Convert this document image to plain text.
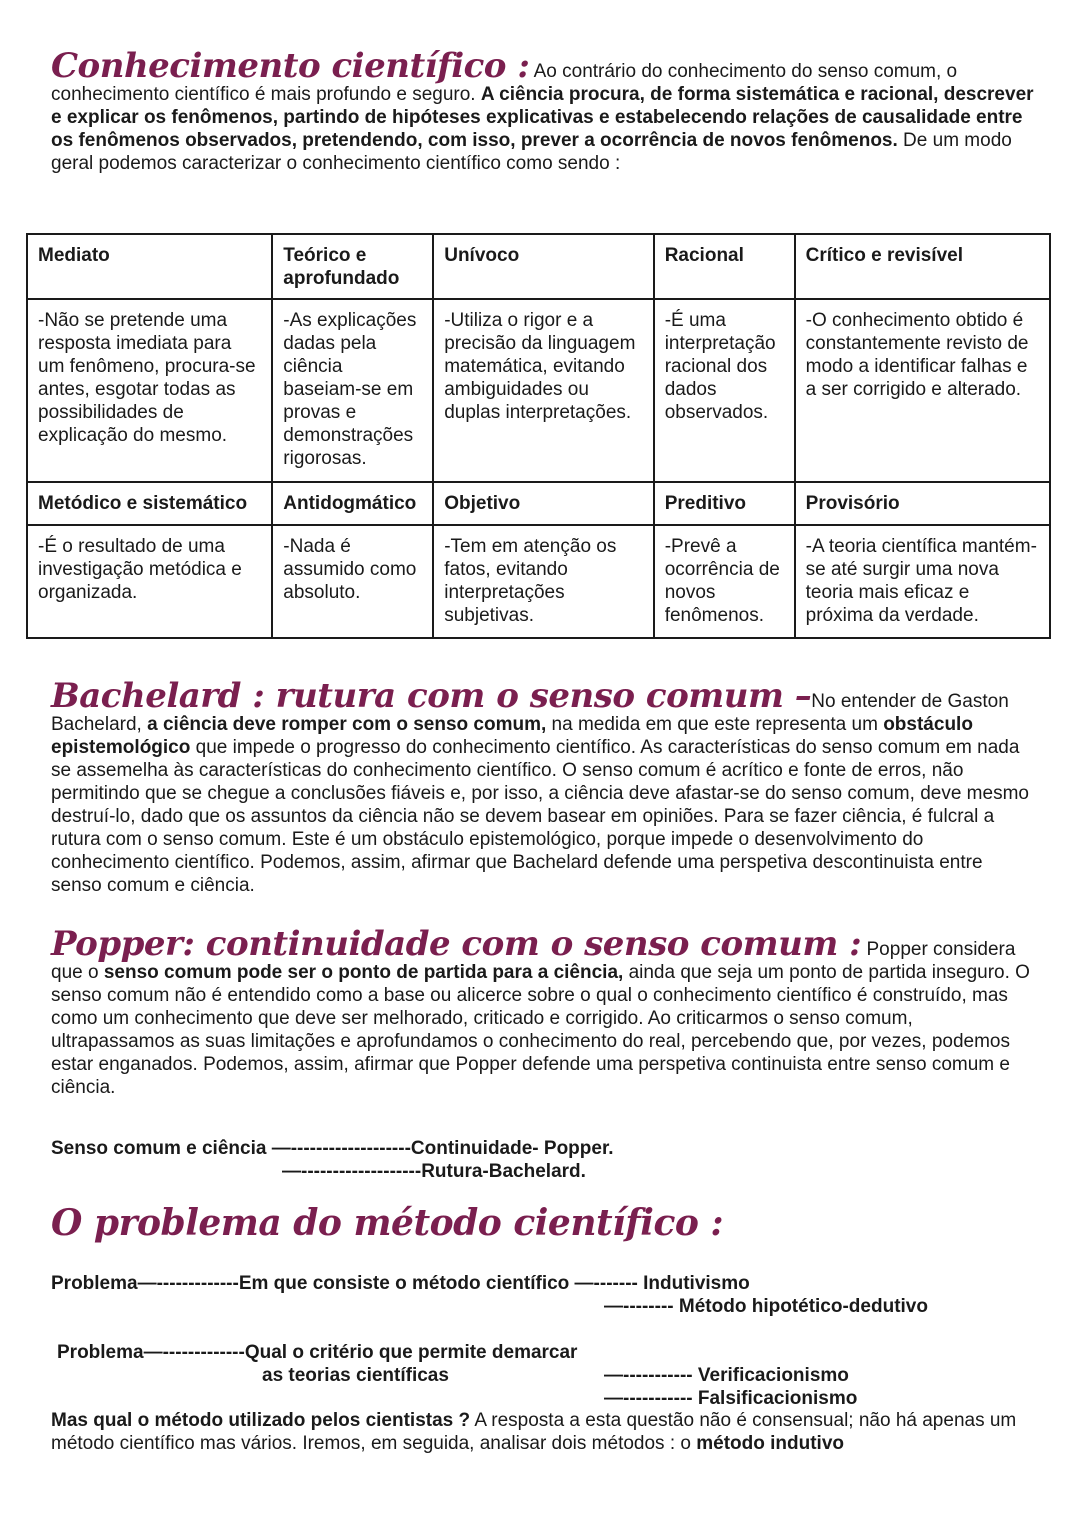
Conhecimento científico : Ao contrário do conhecimento do senso comum, o conhecimento científico é mais profundo e seguro. A ciência procura, de forma sistemática e racional, descrever e explicar os fenômenos, partindo de hipóteses explicativas e estabelecendo relações de causalidade entre os fenômenos observados, pretendendo, com isso, prever a ocorrência de novos fenômenos. De um modo geral podemos caracterizar o conhecimento científico como sendo :

Mediato	Teórico e aprofundado	Unívoco	Racional	Crítico e revisível
-Não se pretende uma resposta imediata para um fenômeno, procura-se antes, esgotar todas as possibilidades de explicação do mesmo.	-As explicações dadas pela ciência baseiam-se em provas e demonstrações rigorosas.	-Utiliza o rigor e a precisão da linguagem matemática, evitando ambiguidades ou duplas interpretações.	-É uma interpretação racional dos dados observados.	-O conhecimento obtido é constantemente revisto de modo a identificar falhas e a ser corrigido e alterado.
Metódico e sistemático	Antidogmático	Objetivo	Preditivo	Provisório
-É o resultado de uma investigação metódica e organizada.	-Nada é assumido como absoluto.	-Tem em atenção os fatos, evitando interpretações subjetivas.	-Prevê a ocorrência de novos fenômenos.	-A teoria científica mantém-se até surgir uma nova teoria mais eficaz e próxima da verdade.

Bachelard : rutura com o senso comum –No entender de Gaston Bachelard, a ciência deve romper com o senso comum, na medida em que este representa um obstáculo epistemológico que impede o progresso do conhecimento científico. As características do senso comum em nada se assemelha às características do conhecimento científico. O senso comum é acrítico e fonte de erros, não permitindo que se chegue a conclusões fiáveis e, por isso, a ciência deve afastar-se do senso comum, deve mesmo destruí-lo, dado que os assuntos da ciência não se devem basear em opiniões. Para se fazer ciência, é fulcral a rutura com o senso comum. Este é um obstáculo epistemológico, porque impede o desenvolvimento do conhecimento científico. Podemos, assim, afirmar que Bachelard defende uma perspetiva descontinuista entre senso comum e ciência.

Popper: continuidade com o senso comum : Popper considera que o senso comum pode ser o ponto de partida para a ciência, ainda que seja um ponto de partida inseguro. O senso comum não é entendido como a base ou alicerce sobre o qual o conhecimento científico é construído, mas como um conhecimento que deve ser melhorado, criticado e corrigido. Ao criticarmos o senso comum, ultrapassamos as suas limitações e aprofundamos o conhecimento do real, percebendo que, por vezes, podemos estar enganados. Podemos, assim, afirmar que Popper defende uma perspetiva continuista entre senso comum e ciência.

Senso comum e ciência —-------------------Continuidade- Popper.
—-------------------Rutura-Bachelard.
O problema do método científico :
Problema—-------------Em que consiste o método científico —------- Indutivismo
—-------- Método hipotético-dedutivo
Problema—-------------Qual o critério que permite demarcar
as teorias científicas	—----------- Verificacionismo
—----------- Falsificacionismo

Mas qual o método utilizado pelos cientistas ? A resposta a esta questão não é consensual; não há apenas um método científico mas vários. Iremos, em seguida, analisar dois métodos : o método indutivo
